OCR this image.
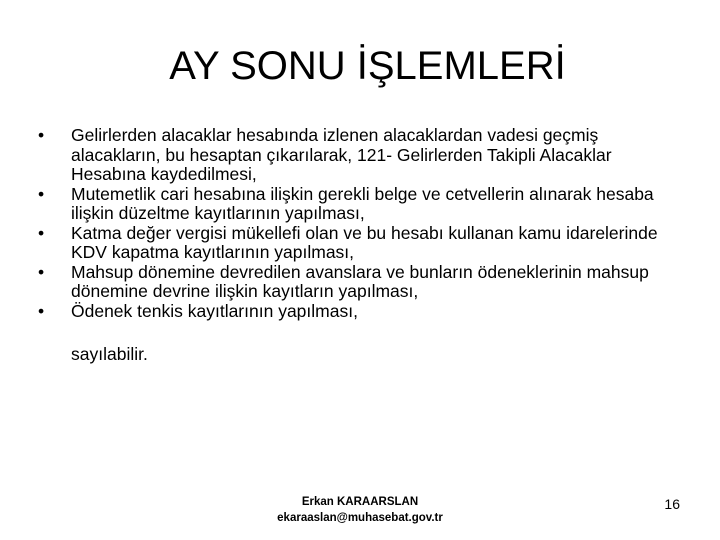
AY SONU İŞLEMLERİ
• Gelirlerden alacaklar hesabında izlenen alacaklardan vadesi geçmiş alacakların, bu hesaptan çıkarılarak, 121- Gelirlerden Takipli Alacaklar Hesabına kaydedilmesi,
• Mutemetlik cari hesabına ilişkin gerekli belge ve cetvellerin alınarak hesaba ilişkin düzeltme kayıtlarının yapılması,
• Katma değer vergisi mükellefi olan ve bu hesabı kullanan kamu idarelerinde KDV kapatma kayıtlarının yapılması,
• Mahsup dönemine devredilen avanslara ve bunların ödeneklerinin mahsup dönemine devrine ilişkin kayıtların yapılması,
• Ödenek tenkis kayıtlarının yapılması,

sayılabilir.

Erkan KARAARSLAN
ekaraaslan@muhasebat.gov.tr
16
